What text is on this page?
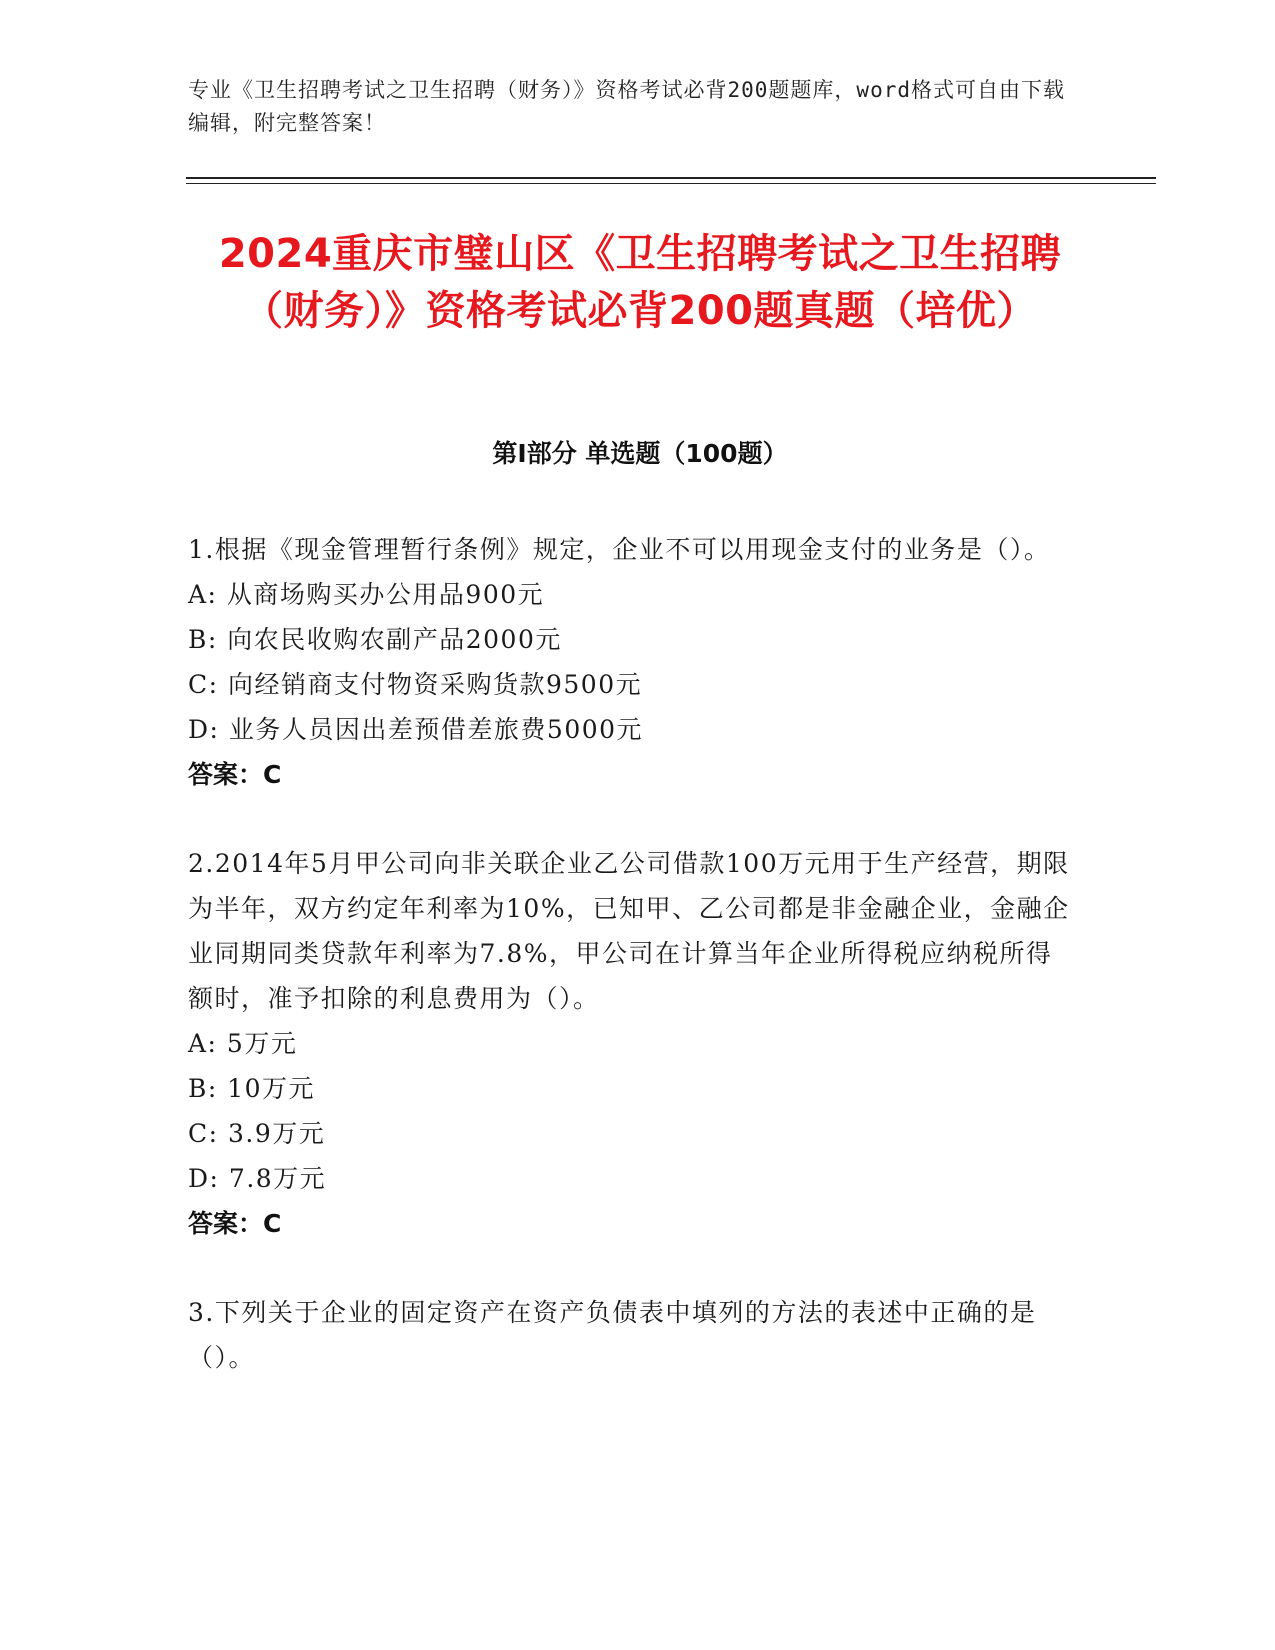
专业《卫生招聘考试之卫生招聘（财务）》资格考试必背200题题库，word格式可自由下载编辑，附完整答案！
2024重庆市璧山区《卫生招聘考试之卫生招聘（财务）》资格考试必背200题真题（培优）
第I部分 单选题（100题）
1.根据《现金管理暂行条例》规定，企业不可以用现金支付的业务是（）。
A: 从商场购买办公用品900元
B: 向农民收购农副产品2000元
C: 向经销商支付物资采购货款9500元
D: 业务人员因出差预借差旅费5000元
答案：C
2.2014年5月甲公司向非关联企业乙公司借款100万元用于生产经营，期限为半年，双方约定年利率为10%，已知甲、乙公司都是非金融企业，金融企业同期同类贷款年利率为7.8%，甲公司在计算当年企业所得税应纳税所得额时，准予扣除的利息费用为（）。
A: 5万元
B: 10万元
C: 3.9万元
D: 7.8万元
答案：C
3.下列关于企业的固定资产在资产负债表中填列的方法的表述中正确的是（）。
